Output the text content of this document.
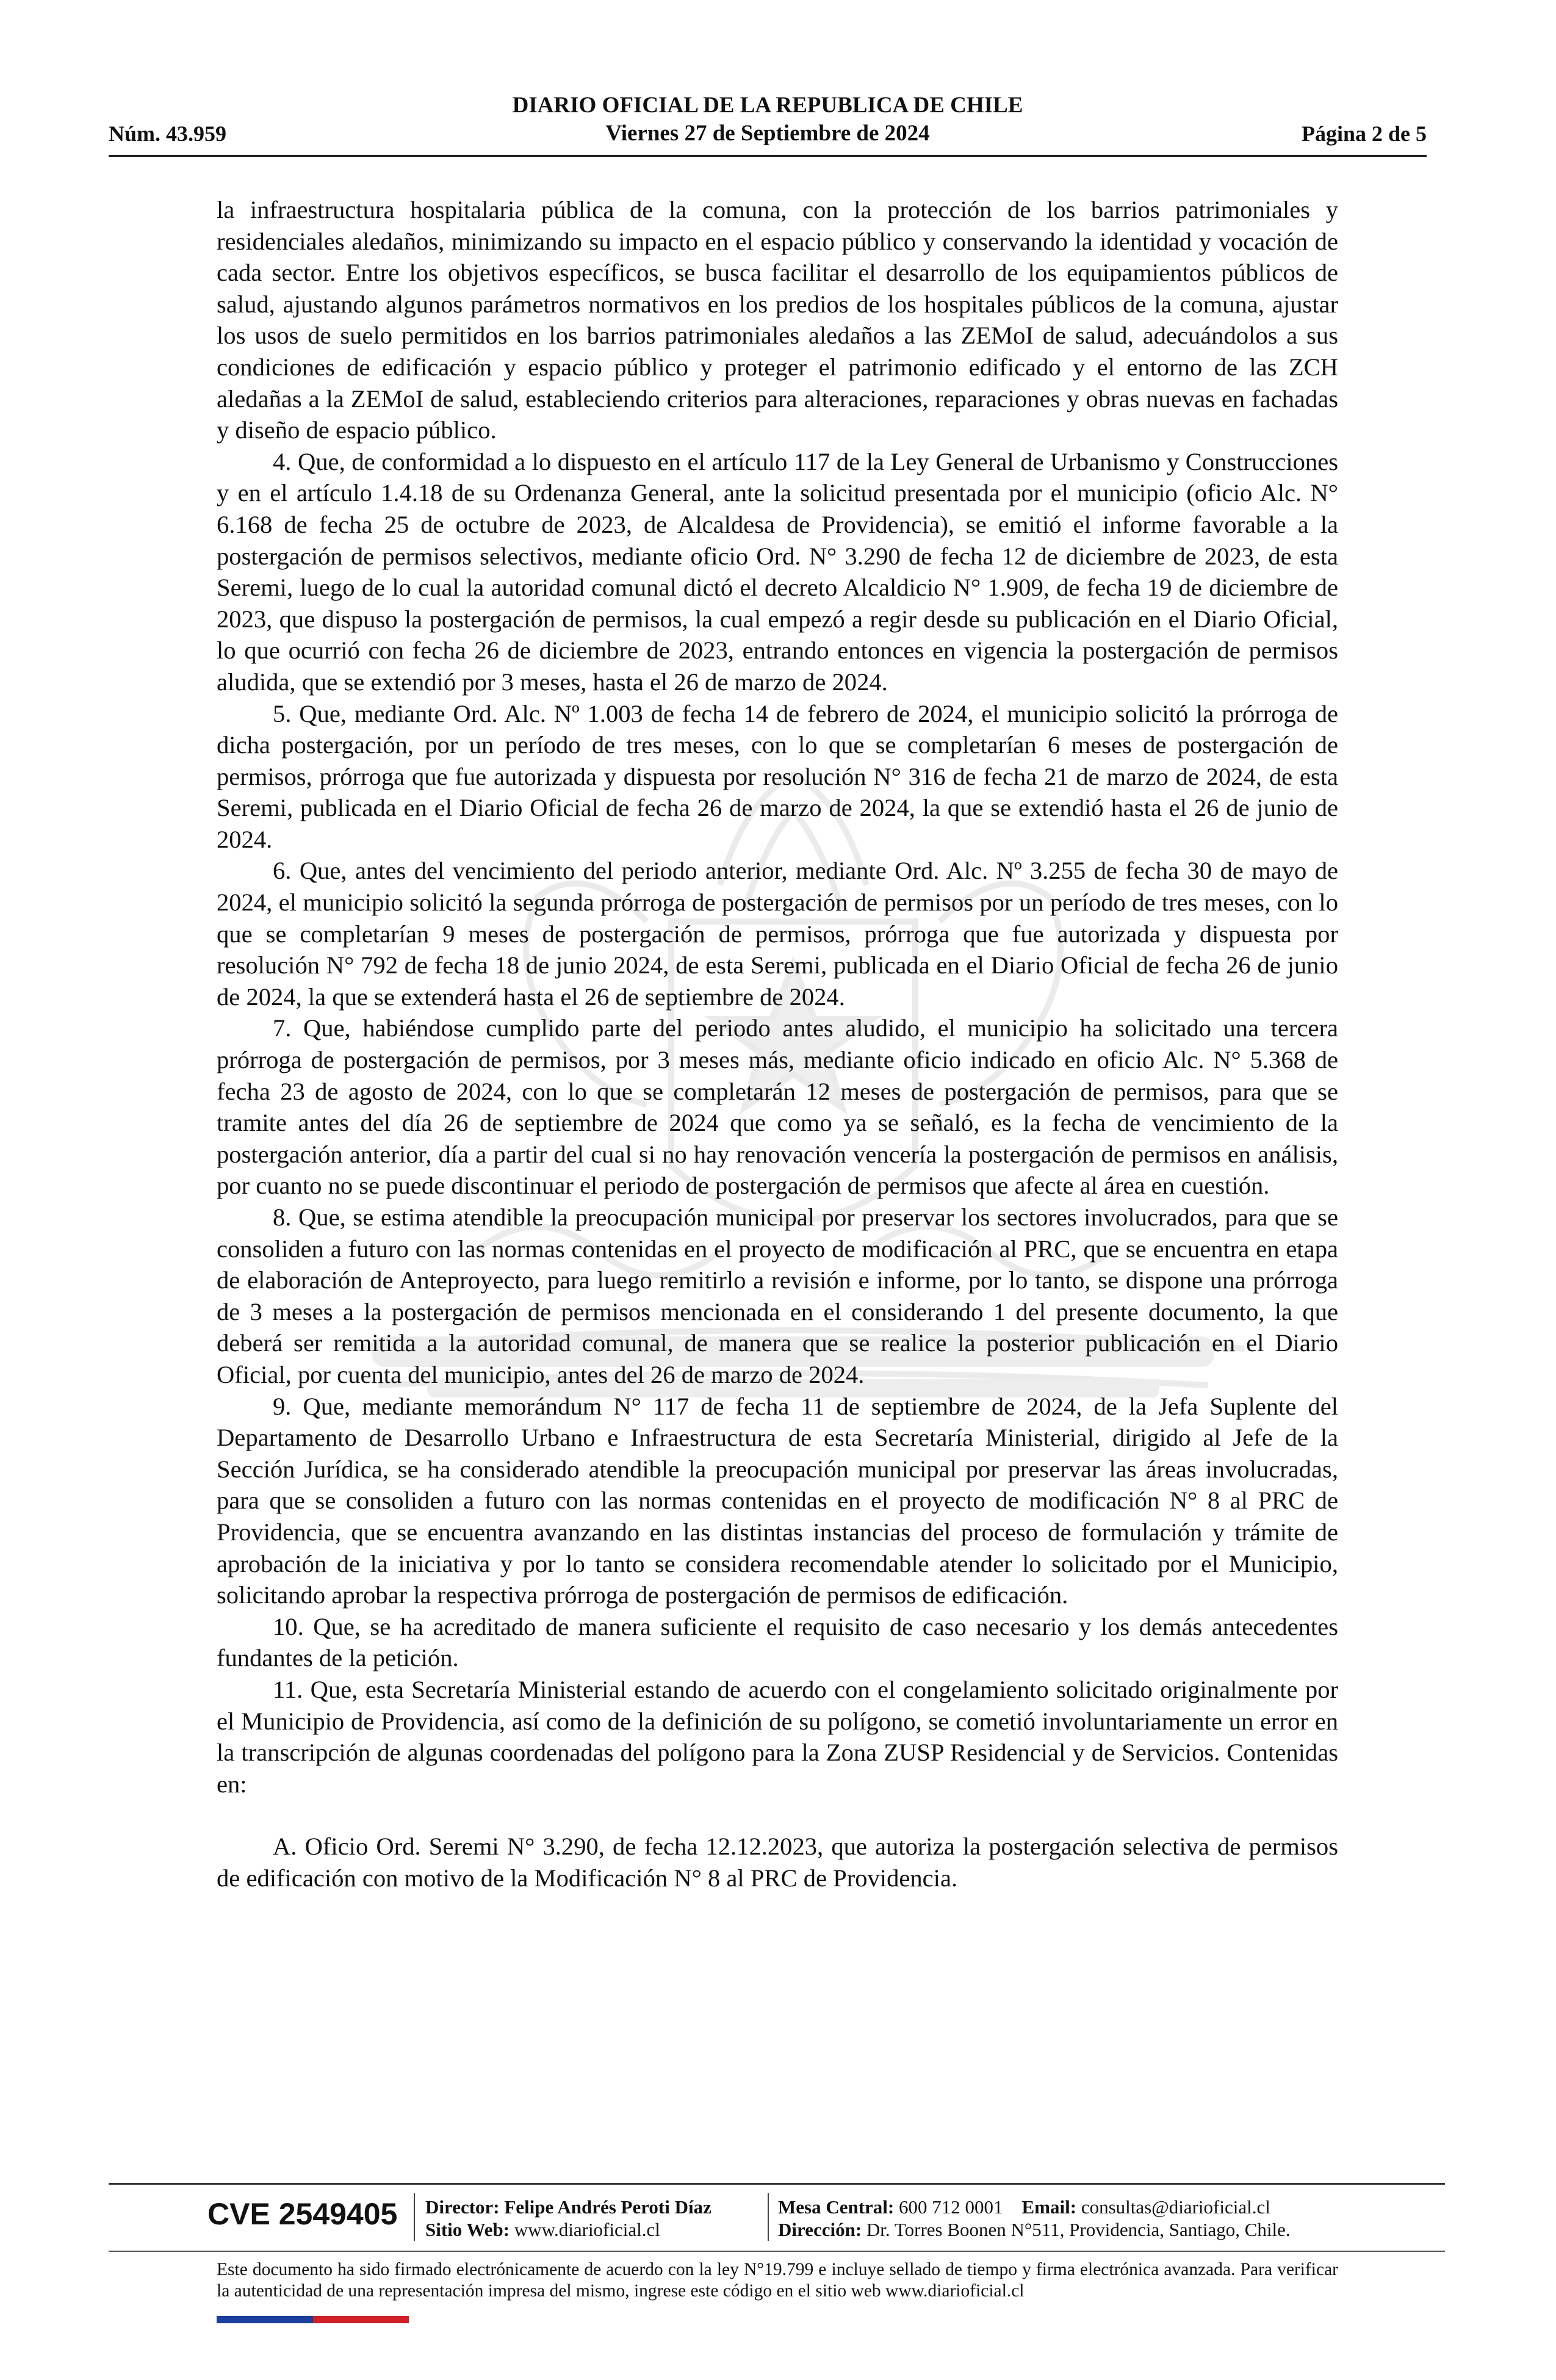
DIARIO OFICIAL DE LA REPUBLICA DE CHILE
Viernes 27 de Septiembre de 2024
Núm. 43.959	Página 2 de 5

la infraestructura hospitalaria pública de la comuna, con la protección de los barrios patrimoniales y residenciales aledaños, minimizando su impacto en el espacio público y conservando la identidad y vocación de cada sector. Entre los objetivos específicos, se busca facilitar el desarrollo de los equipamientos públicos de salud, ajustando algunos parámetros normativos en los predios de los hospitales públicos de la comuna, ajustar los usos de suelo permitidos en los barrios patrimoniales aledaños a las ZEMoI de salud, adecuándolos a sus condiciones de edificación y espacio público y proteger el patrimonio edificado y el entorno de las ZCH aledañas a la ZEMoI de salud, estableciendo criterios para alteraciones, reparaciones y obras nuevas en fachadas y diseño de espacio público.

4. Que, de conformidad a lo dispuesto en el artículo 117 de la Ley General de Urbanismo y Construcciones y en el artículo 1.4.18 de su Ordenanza General, ante la solicitud presentada por el municipio (oficio Alc. N° 6.168 de fecha 25 de octubre de 2023, de Alcaldesa de Providencia), se emitió el informe favorable a la postergación de permisos selectivos, mediante oficio Ord. N° 3.290 de fecha 12 de diciembre de 2023, de esta Seremi, luego de lo cual la autoridad comunal dictó el decreto Alcaldicio N° 1.909, de fecha 19 de diciembre de 2023, que dispuso la postergación de permisos, la cual empezó a regir desde su publicación en el Diario Oficial, lo que ocurrió con fecha 26 de diciembre de 2023, entrando entonces en vigencia la postergación de permisos aludida, que se extendió por 3 meses, hasta el 26 de marzo de 2024.

5. Que, mediante Ord. Alc. Nº 1.003 de fecha 14 de febrero de 2024, el municipio solicitó la prórroga de dicha postergación, por un período de tres meses, con lo que se completarían 6 meses de postergación de permisos, prórroga que fue autorizada y dispuesta por resolución N° 316 de fecha 21 de marzo de 2024, de esta Seremi, publicada en el Diario Oficial de fecha 26 de marzo de 2024, la que se extendió hasta el 26 de junio de 2024.

6. Que, antes del vencimiento del periodo anterior, mediante Ord. Alc. Nº 3.255 de fecha 30 de mayo de 2024, el municipio solicitó la segunda prórroga de postergación de permisos por un período de tres meses, con lo que se completarían 9 meses de postergación de permisos, prórroga que fue autorizada y dispuesta por resolución N° 792 de fecha 18 de junio 2024, de esta Seremi, publicada en el Diario Oficial de fecha 26 de junio de 2024, la que se extenderá hasta el 26 de septiembre de 2024.

7. Que, habiéndose cumplido parte del periodo antes aludido, el municipio ha solicitado una tercera prórroga de postergación de permisos, por 3 meses más, mediante oficio indicado en oficio Alc. N° 5.368 de fecha 23 de agosto de 2024, con lo que se completarán 12 meses de postergación de permisos, para que se tramite antes del día 26 de septiembre de 2024 que como ya se señaló, es la fecha de vencimiento de la postergación anterior, día a partir del cual si no hay renovación vencería la postergación de permisos en análisis, por cuanto no se puede discontinuar el periodo de postergación de permisos que afecte al área en cuestión.

8. Que, se estima atendible la preocupación municipal por preservar los sectores involucrados, para que se consoliden a futuro con las normas contenidas en el proyecto de modificación al PRC, que se encuentra en etapa de elaboración de Anteproyecto, para luego remitirlo a revisión e informe, por lo tanto, se dispone una prórroga de 3 meses a la postergación de permisos mencionada en el considerando 1 del presente documento, la que deberá ser remitida a la autoridad comunal, de manera que se realice la posterior publicación en el Diario Oficial, por cuenta del municipio, antes del 26 de marzo de 2024.

9. Que, mediante memorándum N° 117 de fecha 11 de septiembre de 2024, de la Jefa Suplente del Departamento de Desarrollo Urbano e Infraestructura de esta Secretaría Ministerial, dirigido al Jefe de la Sección Jurídica, se ha considerado atendible la preocupación municipal por preservar las áreas involucradas, para que se consoliden a futuro con las normas contenidas en el proyecto de modificación N° 8 al PRC de Providencia, que se encuentra avanzando en las distintas instancias del proceso de formulación y trámite de aprobación de la iniciativa y por lo tanto se considera recomendable atender lo solicitado por el Municipio, solicitando aprobar la respectiva prórroga de postergación de permisos de edificación.

10. Que, se ha acreditado de manera suficiente el requisito de caso necesario y los demás antecedentes fundantes de la petición.

11. Que, esta Secretaría Ministerial estando de acuerdo con el congelamiento solicitado originalmente por el Municipio de Providencia, así como de la definición de su polígono, se cometió involuntariamente un error en la transcripción de algunas coordenadas del polígono para la Zona ZUSP Residencial y de Servicios. Contenidas en:

A. Oficio Ord. Seremi N° 3.290, de fecha 12.12.2023, que autoriza la postergación selectiva de permisos de edificación con motivo de la Modificación N° 8 al PRC de Providencia.

CVE 2549405 Director: Felipe Andrés Peroti Díaz
Sitio Web: www.diarioficial.cl
Mesa Central: 600 712 0001 Email: consultas@diarioficial.cl
Dirección: Dr. Torres Boonen N°511, Providencia, Santiago, Chile.
Este documento ha sido firmado electrónicamente de acuerdo con la ley N°19.799 e incluye sellado de tiempo y firma electrónica avanzada. Para verificar la autenticidad de una representación impresa del mismo, ingrese este código en el sitio web www.diarioficial.cl
